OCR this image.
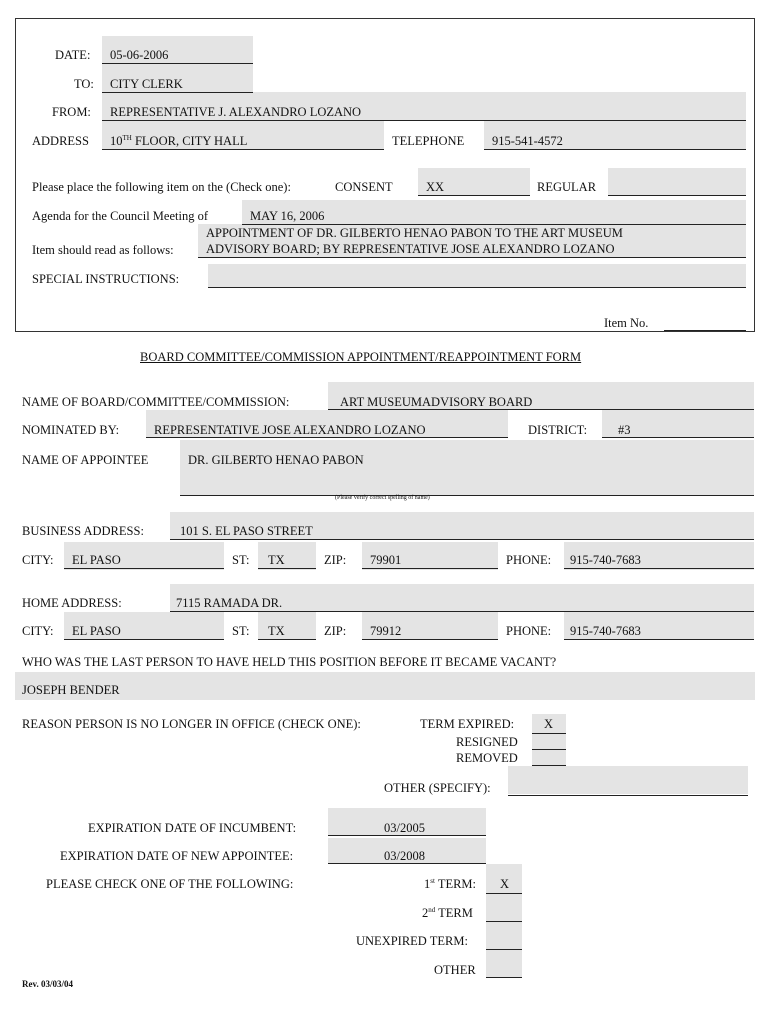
DATE: 05-06-2006
TO: CITY CLERK
FROM: REPRESENTATIVE J. ALEXANDRO LOZANO
ADDRESS 10TH FLOOR, CITY HALL	TELEPHONE 915-541-4572
Please place the following item on the (Check one):	CONSENT	XX	REGULAR
Agenda for the Council Meeting of	MAY 16, 2006
Item should read as follows:
APPOINTMENT OF DR. GILBERTO HENAO PABON TO THE ART MUSEUM
ADVISORY BOARD; BY REPRESENTATIVE JOSE ALEXANDRO LOZANO
SPECIAL INSTRUCTIONS:
Item No.
BOARD COMMITTEE/COMMISSION APPOINTMENT/REAPPOINTMENT FORM
NAME OF BOARD/COMMITTEE/COMMISSION:	ART MUSEUMADVISORY BOARD
NOMINATED BY:	REPRESENTATIVE JOSE ALEXANDRO LOZANO	DISTRICT: #3
NAME OF APPOINTEE	DR. GILBERTO HENAO PABON
(Please verify correct spelling of name)
BUSINESS ADDRESS:	101 S. EL PASO STREET
CITY: EL PASO	ST: TX	ZIP: 79901	PHONE: 915-740-7683
HOME ADDRESS:	7115 RAMADA DR.
CITY: EL PASO	ST: TX	ZIP: 79912	PHONE: 915-740-7683
WHO WAS THE LAST PERSON TO HAVE HELD THIS POSITION BEFORE IT BECAME VACANT?
JOSEPH BENDER
REASON PERSON IS NO LONGER IN OFFICE (CHECK ONE):	TERM EXPIRED: X
RESIGNED
REMOVED
OTHER (SPECIFY):
EXPIRATION DATE OF INCUMBENT:	03/2005
EXPIRATION DATE OF NEW APPOINTEE:	03/2008
PLEASE CHECK ONE OF THE FOLLOWING:	1st TERM: X
2nd TERM
UNEXPIRED TERM:
OTHER
Rev. 03/03/04
